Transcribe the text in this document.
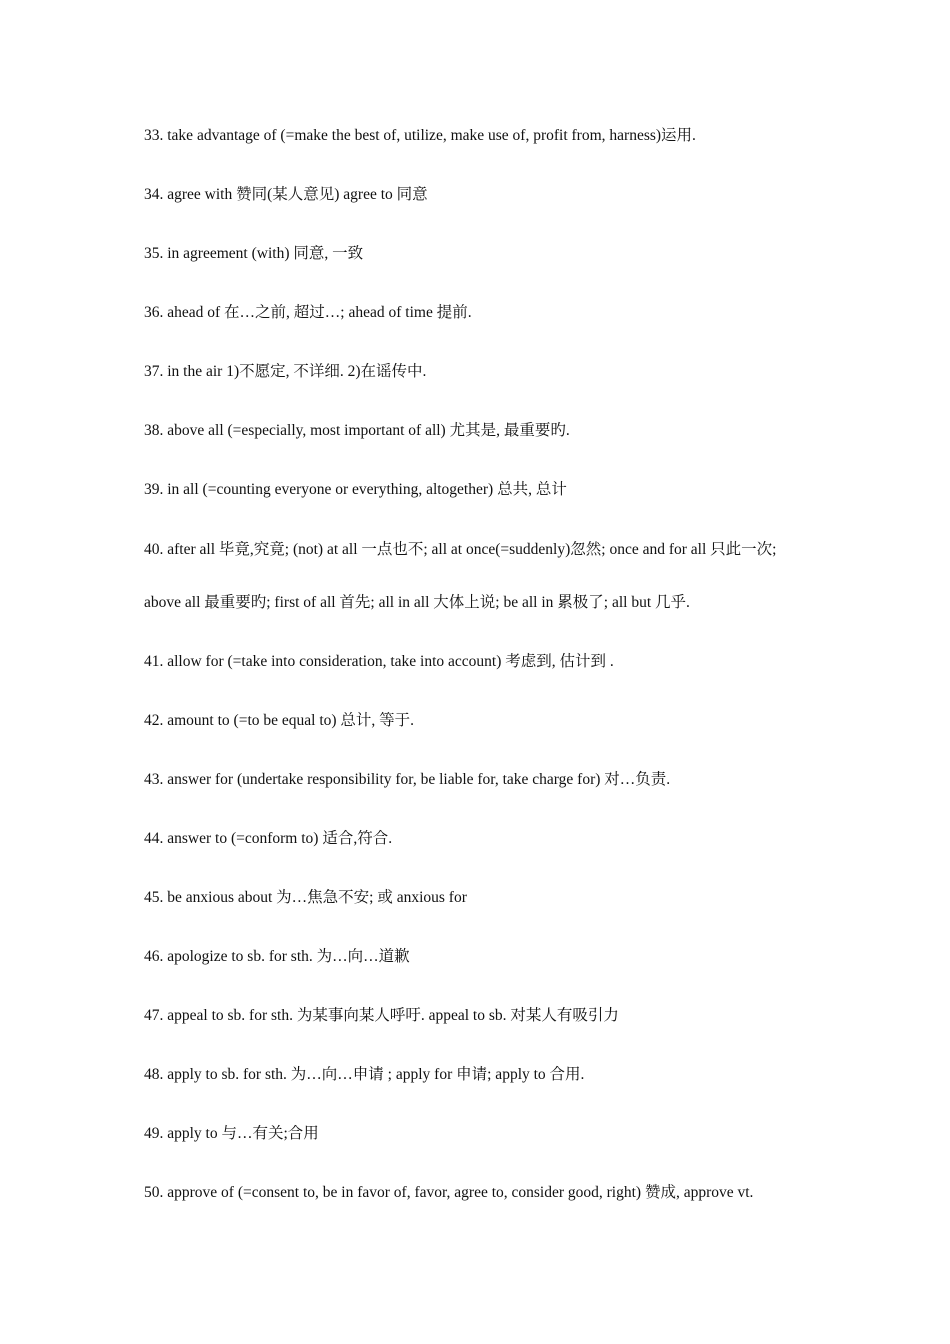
33. take advantage of (=make the best of, utilize, make use of, profit from, harness)运用.

34. agree with 赞同(某人意见) agree to 同意

35. in agreement (with) 同意, 一致

36. ahead of 在…之前, 超过…; ahead of time 提前.

37. in the air 1)不愿定, 不详细. 2)在谣传中.

38. above all (=especially, most important of all) 尤其是, 最重要旳.

39. in all (=counting everyone or everything, altogether) 总共, 总计

40. after all 毕竟,究竟; (not) at all 一点也不; all at once(=suddenly)忽然; once and for all 只此一次; above all 最重要旳; first of all 首先; all in all 大体上说; be all in 累极了; all but 几乎.

41. allow for (=take into consideration, take into account) 考虑到, 估计到 .

42. amount to (=to be equal to) 总计, 等于.

43. answer for (undertake responsibility for, be liable for, take charge for) 对…负责.

44. answer to (=conform to) 适合,符合.

45. be anxious about 为…焦急不安; 或 anxious for

46. apologize to sb. for sth. 为…向…道歉

47. appeal to sb. for sth. 为某事向某人呼吁. appeal to sb. 对某人有吸引力

48. apply to sb. for sth. 为…向…申请 ; apply for 申请; apply to 合用.

49. apply to 与…有关;合用

50. approve of (=consent to, be in favor of, favor, agree to, consider good, right) 赞成, approve vt.
